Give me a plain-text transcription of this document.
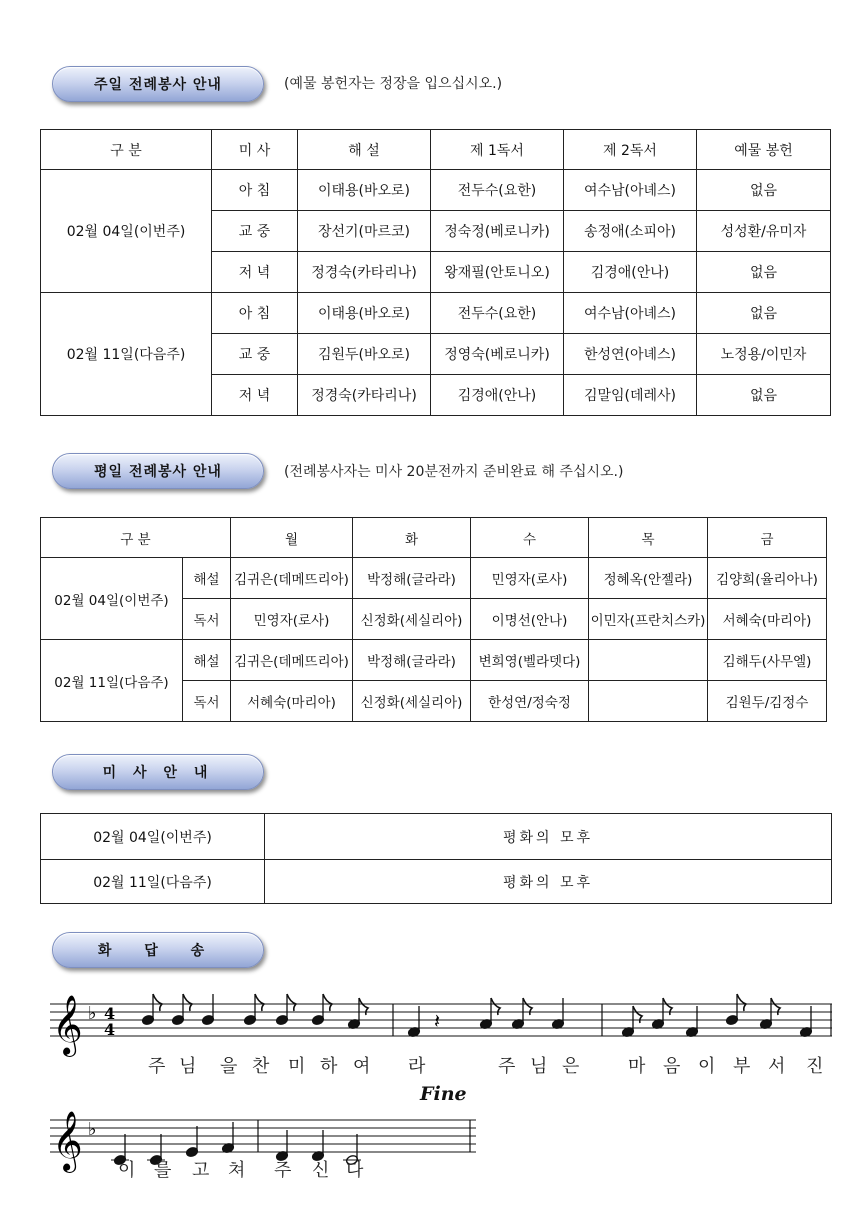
주일 전례봉사 안내	(예물 봉헌자는 정장을 입으십시오.)
구 분	미 사	해 설	제 1독서	제 2독서	예물 봉헌
02월 04일(이번주)	아 침	이태용(바오로)	전두수(요한)	여수남(아녜스)	없음
	교 중	장선기(마르코)	정숙정(베로니카)	송정애(소피아)	성성환/유미자
	저 녁	정경숙(카타리나)	왕재필(안토니오)	김경애(안나)	없음
02월 11일(다음주)	아 침	이태용(바오로)	전두수(요한)	여수남(아녜스)	없음
	교 중	김원두(바오로)	정영숙(베로니카)	한성연(아녜스)	노정용/이민자
	저 녁	정경숙(카타리나)	김경애(안나)	김말임(데레사)	없음
평일 전례봉사 안내	(전례봉사자는 미사 20분전까지 준비완료 해 주십시오.)
구 분		월	화	수	목	금
02월 04일(이번주)	해설	김귀은(데메뜨리아)	박정해(글라라)	민영자(로사)	정혜옥(안젤라)	김양희(율리아나)
	독서	민영자(로사)	신정화(세실리아)	이명선(안나)	이민자(프란치스카)	서혜숙(마리아)
02월 11일(다음주)	해설	김귀은(데메뜨리아)	박정해(글라라)	변희영(벨라뎃다)		김해두(사무엘)
	독서	서혜숙(마리아)	신정화(세실리아)	한성연/정숙정		김원두/김정수
미 사 안 내
02월 04일(이번주)	평화의 모후
02월 11일(다음주)	평화의 모후
화 답 송
𝄞 ♭ 4
4	𝄽
주 님 을 찬 미 하 여 라	주 님 은	마 음 이 부 서 진
Fine
𝄞 ♭
이 를 고 쳐 주 신 다
